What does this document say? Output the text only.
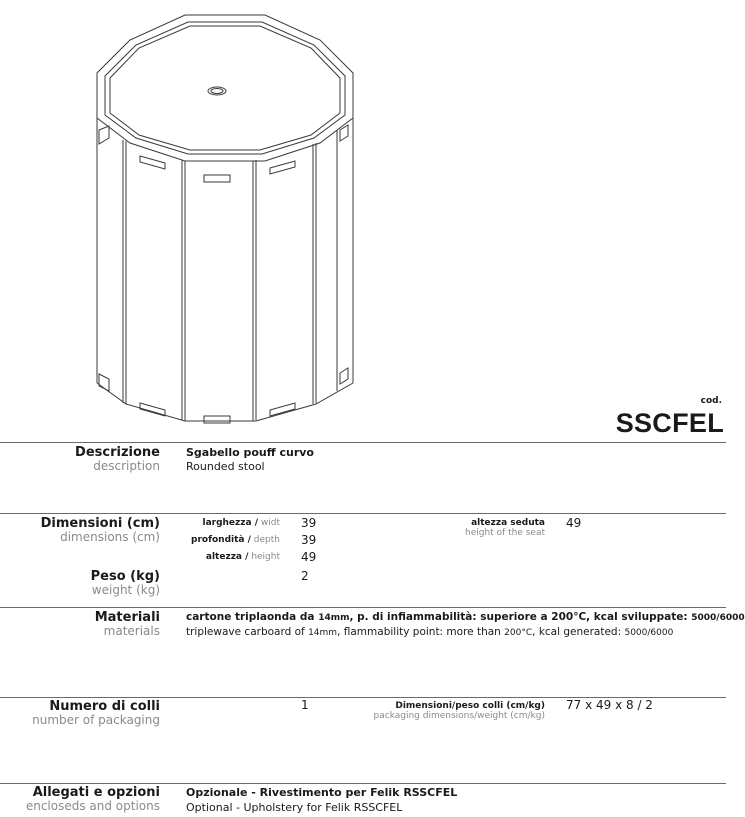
cod.
SSCFEL
Descrizione
description
Sgabello pouff curvo
Rounded stool
Dimensioni (cm)
dimensions (cm)
larghezza / widt
profondità / depth
altezza / height
39
39
49
altezza seduta
height of the seat
49
Peso (kg)
weight (kg)
2
Materiali
materials
cartone triplaonda da 14mm, p. di infiammabilità: superiore a 200°C, kcal sviluppate: 5000/6000
triplewave carboard of 14mm, flammability point: more than 200°C, kcal generated: 5000/6000
Numero di colli
number of packaging
1	Dimensioni/peso colli (cm/kg)
packaging dimensions/weight (cm/kg)
77 x 49 x 8 / 2
Allegati e opzioni
encloseds and options
Opzionale - Rivestimento per Felik RSSCFEL
Optional - Upholstery for Felik RSSCFEL
